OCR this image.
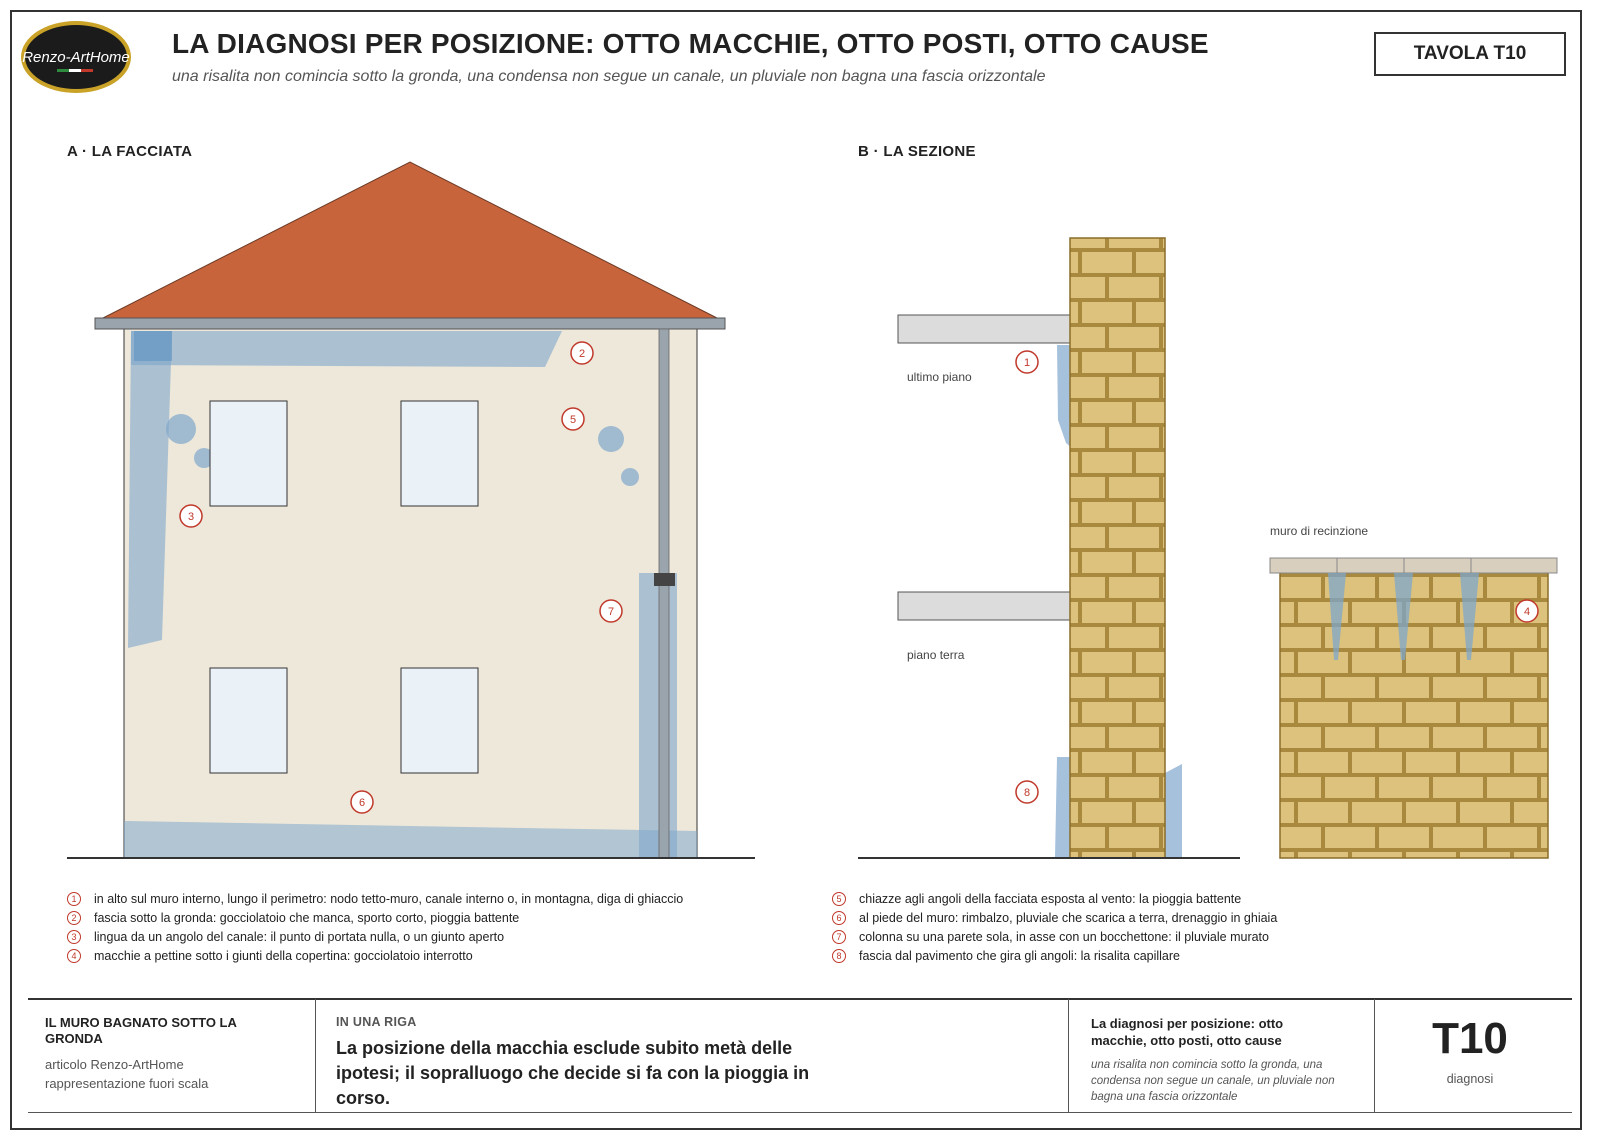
Renzo-ArtHome LA DIAGNOSI PER POSIZIONE: OTTO MACCHIE, OTTO POSTI, OTTO CAUSE
una risalita non comincia sotto la gronda, una condensa non segue un canale, un pluviale non bagna una fascia orizzontale
TAVOLA T10
A · LA FACCIATA	B · LA SEZIONE
ultimo piano
piano terra
muro di recinzione
1
2
3
4
5
6
7
8
1	in alto sul muro interno, lungo il perimetro: nodo tetto-muro, canale interno o, in montagna, diga di ghiaccio
2	fascia sotto la gronda: gocciolatoio che manca, sporto corto, pioggia battente
3	lingua da un angolo del canale: il punto di portata nulla, o un giunto aperto
4	macchie a pettine sotto i giunti della copertina: gocciolatoio interrotto
5	chiazze agli angoli della facciata esposta al vento: la pioggia battente
6	al piede del muro: rimbalzo, pluviale che scarica a terra, drenaggio in ghiaia
7	colonna su una parete sola, in asse con un bocchettone: il pluviale murato
8	fascia dal pavimento che gira gli angoli: la risalita capillare
IL MURO BAGNATO SOTTO LA GRONDA
articolo Renzo-ArtHome
rappresentazione fuori scala
IN UNA RIGA
La posizione della macchia esclude subito metà delle ipotesi; il sopralluogo che decide si fa con la pioggia in corso.
La diagnosi per posizione: otto macchie, otto posti, otto cause
una risalita non comincia sotto la gronda, una condensa non segue un canale, un pluviale non bagna una fascia orizzontale
T10
diagnosi
